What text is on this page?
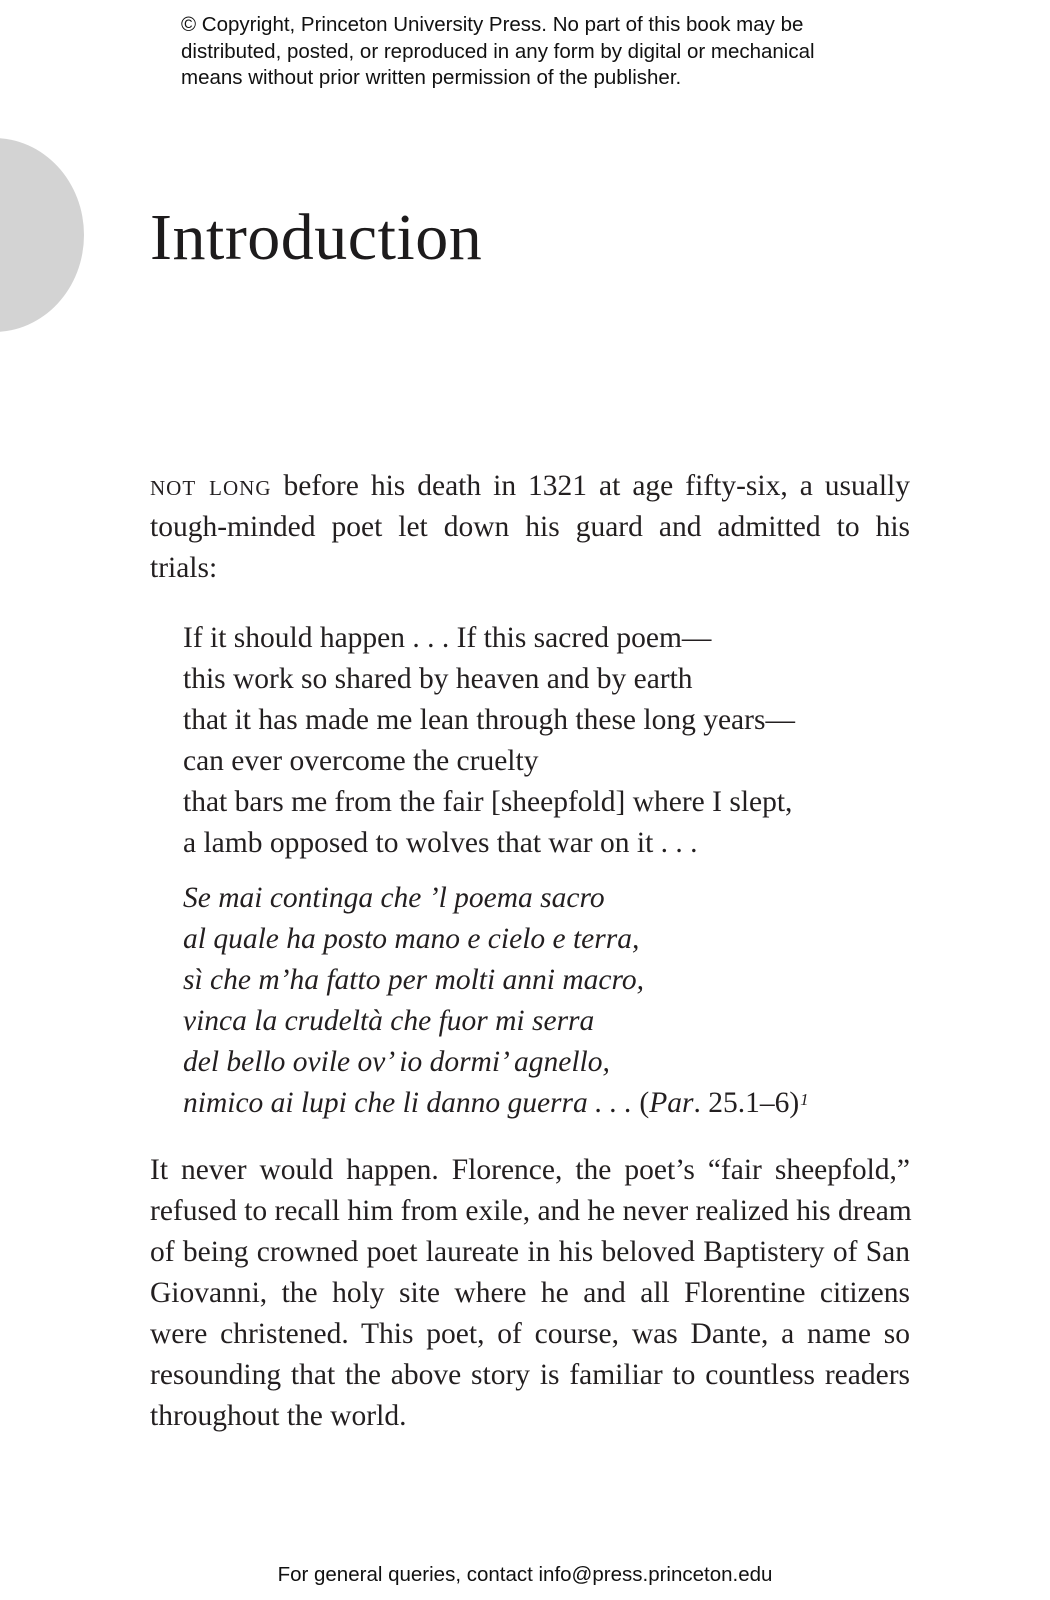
© Copyright, Princeton University Press. No part of this book may be
distributed, posted, or reproduced in any form by digital or mechanical
means without prior written permission of the publisher.
Introduction

not long before his death in 1321 at age fifty-six, a usually
tough-minded poet let down his guard and admitted to his
trials:

If it should happen . . . If this sacred poem—
this work so shared by heaven and by earth
that it has made me lean through these long years—
can ever overcome the cruelty
that bars me from the fair [sheepfold] where I slept,
a lamb opposed to wolves that war on it . . .
Se mai continga che ’l poema sacro
al quale ha posto mano e cielo e terra,
sì che m’ha fatto per molti anni macro,
vinca la crudeltà che fuor mi serra
del bello ovile ov’ io dormi’ agnello,
nimico ai lupi che li danno guerra . . . (Par. 25.1–6)$^1$

It never would happen. Florence, the poet’s “fair sheepfold,”
refused to recall him from exile, and he never realized his dream
of being crowned poet laureate in his beloved Baptistery of San
Giovanni, the holy site where he and all Florentine citizens
were christened. This poet, of course, was Dante, a name so
resounding that the above story is familiar to countless readers
throughout the world.

For general queries, contact info@press.princeton.edu
